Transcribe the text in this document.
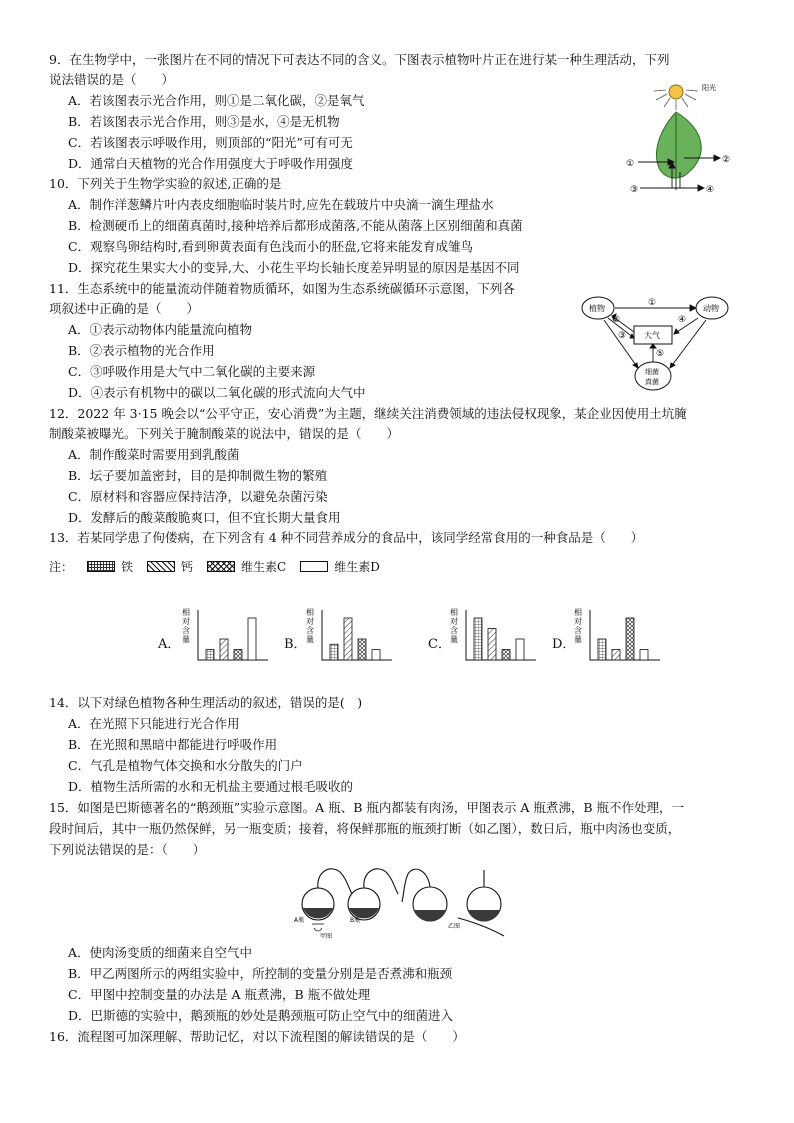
9．在生物学中，一张图片在不同的情况下可表达不同的含义。下图表示植物叶片正在进行某一种生理活动，下列
说法错误的是（　　）
A．若该图表示光合作用，则①是二氧化碳，②是氧气
B．若该图表示光合作用，则③是水，④是无机物
C．若该图表示呼吸作用，则顶部的“阳光”可有可无
D．通常白天植物的光合作用强度大于呼吸作用强度
阳光
①	②
③	④
10．下列关于生物学实验的叙述,正确的是
A．制作洋葱鳞片叶内表皮细胞临时装片时,应先在载玻片中央滴一滴生理盐水
B．检测硬币上的细菌真菌时,接种培养后都形成菌落,不能从菌落上区别细菌和真菌
C．观察鸟卵结构时,看到卵黄表面有色浅而小的胚盘,它将来能发育成雏鸟
D．探究花生果实大小的变异,大、小花生平均长轴长度差异明显的原因是基因不同
11．生态系统中的能量流动伴随着物质循环，如图为生态系统碳循环示意图，下列各
项叙述中正确的是（　　）
A．①表示动物体内能量流向植物
B．②表示植物的光合作用
C．③呼吸作用是大气中二氧化碳的主要来源
D．④表示有机物中的碳以二氧化碳的形式流向大气中
植物	动物
大气
细菌
真菌
①
②
③
④
⑤
12．2022 年 3·15 晚会以“公平守正，安心消费”为主题，继续关注消费领域的违法侵权现象，某企业因使用土坑腌
制酸菜被曝光。下列关于腌制酸菜的说法中，错误的是（　　）
A．制作酸菜时需要用到乳酸菌
B．坛子要加盖密封，目的是抑制微生物的繁殖
C．原材料和容器应保持洁净，以避免杂菌污染
D．发酵后的酸菜酸脆爽口，但不宜长期大量食用
13．若某同学患了佝偻病，在下列含有 4 种不同营养成分的食品中，该同学经常食用的一种食品是（　　）
注：	铁	钙	维生素C	维生素D
A．	B．	C．	D．
相
对
含
量
相
对
含
量
相
对
含
量
相
对
含
量
14．以下对绿色植物各种生理活动的叙述，错误的是(　)
A．在光照下只能进行光合作用
B．在光照和黑暗中都能进行呼吸作用
C．气孔是植物气体交换和水分散失的门户
D．植物生活所需的水和无机盐主要通过根毛吸收的
15．如图是巴斯德著名的“鹅颈瓶”实验示意图。A 瓶、B 瓶内都装有肉汤，甲图表示 A 瓶煮沸，B 瓶不作处理，一
段时间后，其中一瓶仍然保鲜，另一瓶变质；接着，将保鲜那瓶的瓶颈打断（如乙图），数日后，瓶中肉汤也变质，
下列说法错误的是：（　　）
A瓶	B瓶
甲图
乙图
A．使肉汤变质的细菌来自空气中
B．甲乙两图所示的两组实验中，所控制的变量分别是是否煮沸和瓶颈
C．甲图中控制变量的办法是 A 瓶煮沸，B 瓶不做处理
D．巴斯德的实验中，鹅颈瓶的妙处是鹅颈瓶可防止空气中的细菌进入
16．流程图可加深理解、帮助记忆，对以下流程图的解读错误的是（　　）
